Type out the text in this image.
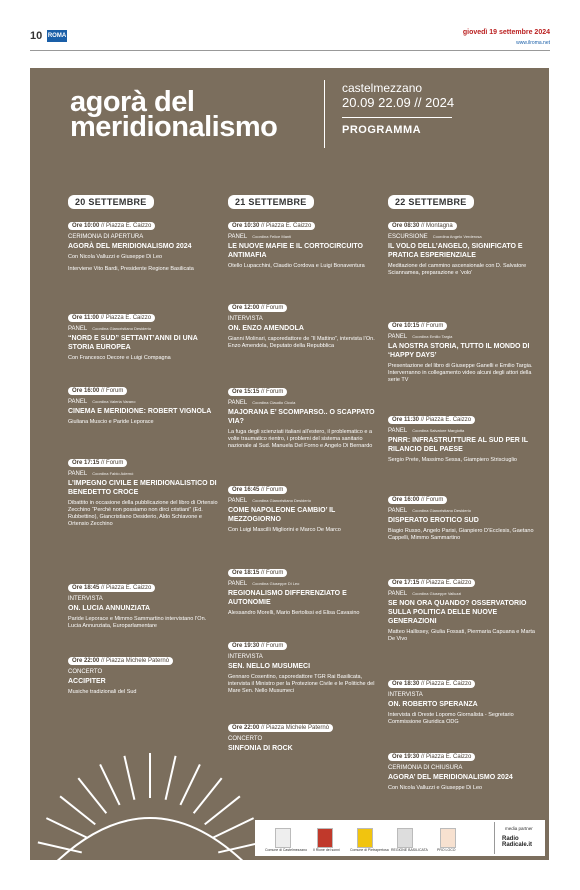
10 ROMA	giovedì 19 settembre 2024
www.ilroma.net
agorà del
meridionalismo
castelmezzano
20.09 22.09 // 2024
PROGRAMMA
20 SETTEMBRE	21 SETTEMBRE	22 SETTEMBRE
Ore 10:00 // Piazza E. Caizzo
CERIMONIA DI APERTURA
AGORÀ DEL MERIDIONALISMO 2024
Con Nicola Valluzzi e Giuseppe Di Leo
Interviene Vito Bardi, Presidente Regione Basilicata
Ore 11:00 // Piazza E. Caizzo
PANEL Coordina Giancristiano Desiderio
“NORD E SUD” SETTANT’ANNI DI UNA STORIA EUROPEA
Con Francesco Decore e Luigi Compagna
Ore 16:00 // Forum
PANEL Coordina Valeria Varano
CINEMA E MERIDIONE: ROBERT VIGNOLA
Giuliana Muscio e Paride Leporace
Ore 17:15 // Forum
PANEL Coordina Fabio Adernò
L’IMPEGNO CIVILE E MERIDIONALISTICO DI BENEDETTO CROCE
Dibattito in occasione della pubblicazione del libro di Ortensio Zecchino “Perché non possiamo non dirci cristiani” (Ed. Rubbettino), Giancristiano Desiderio, Aldo Schiavone e Ortensio Zecchino
Ore 18:45 // Piazza E. Caizzo
INTERVISTA
ON. LUCIA ANNUNZIATA
Paride Leporace e Mimmo Sammartino intervistano l’On. Lucia Annunziata, Europarlamentare
Ore 22:00 // Piazza Michele Paternò
CONCERTO
ACCIPITER
Musiche tradizionali del Sud
Ore 10:30 // Piazza E. Caizzo
PANEL Coordina Felice Manti
LE NUOVE MAFIE E IL CORTOCIRCUITO ANTIMAFIA
Otello Lupacchini, Claudio Cordova e Luigi Bonaventura
Ore 12:00 // Forum
INTERVISTA
ON. ENZO AMENDOLA
Gianni Molinari, caporedattore de “Il Mattino”, intervista l’On. Enzo Amendola, Deputato della Repubblica
Ore 15:15 // Forum
PANEL Coordina Claudio Cicola
MAJORANA E’ SCOMPARSO.. O SCAPPATO VIA?
La fuga degli scienziati italiani all’estero, il problematico e a volte traumatico rientro, i problemi del sistema sanitario nazionale al Sud. Manuela Del Forno e Angelo Di Bernardo
Ore 16:45 // Forum
PANEL Coordina Giancristiano Desiderio
COME NAPOLEONE CAMBIO’ IL MEZZOGIORNO
Con Luigi Mascilli Migliorini e Marco De Marco
Ore 18:15 // Forum
PANEL Coordina Giuseppe Di Leo
REGIONALISMO DIFFERENZIATO E AUTONOMIE
Alessandro Morelli, Mario Bertolissi ed Elisa Cavasino
Ore 19:30 // Forum
INTERVISTA
SEN. NELLO MUSUMECI
Gennaro Cosentino, caporedattore TGR Rai Basilicata, intervista il Ministro per la Protezione Civile e le Politiche del Mare Sen. Nello Musumeci
Ore 22:00 // Piazza Michele Paternò
CONCERTO
SINFONIA DI ROCK
Ore 08:30 // Montagna
ESCURSIONE Coordina Angelo Verderosa
IL VOLO DELL’ANGELO, SIGNIFICATO E PRATICA ESPERIENZIALE
Meditazione del cammino ascensionale con D. Salvatore Sciannamea, preparazione e ‘volo’
Ore 10:15 // Forum
PANEL Coordina Emilio Targia
LA NOSTRA STORIA, TUTTO IL MONDO DI ‘HAPPY DAYS’
Presentazione del libro di Giuseppe Ganelli e Emilio Targia. Interverranno in collegamento video alcuni degli attori della serie TV
Ore 11:30 // Piazza E. Caizzo
PANEL Coordina Salvatore Margiotta
PNRR: INFRASTRUTTURE AL SUD PER IL RILANCIO DEL PAESE
Sergio Prete, Massimo Sessa, Giampiero Strisciuglio
Ore 16:00 // Forum
PANEL Coordina Giancristiano Desiderio
DISPERATO EROTICO SUD
Biagio Russo, Angelo Parisi, Gianpiero D’Ecclesis, Gaetano Cappelli, Mimmo Sammartino
Ore 17:15 // Piazza E. Caizzo
PANEL Coordina Giuseppe Valluzzi
SE NON ORA QUANDO? OSSERVATORIO SULLA POLITICA DELLE NUOVE GENERAZIONI
Matteo Hallissey, Giulia Fossati, Piermaria Capuana e Marta De Vivo
Ore 18:30 // Piazza E. Caizzo
INTERVISTA
ON. ROBERTO SPERANZA
Intervista di Oreste Lopomo Giornalista - Segretario Commissione Giuridica ODG
Ore 19:30 // Piazza E. Caizzo
CERIMONIA DI CHIUSURA
AGORA’ DEL MERIDIONALISMO 2024
Con Nicola Valluzzi e Giuseppe Di Leo
Comune di Castelmezzano Il Rione dei sonni	Comune di Pietrapertosa REGIONE BASILICATA	PRO LOCO
media partner
Radio Radicale.it
